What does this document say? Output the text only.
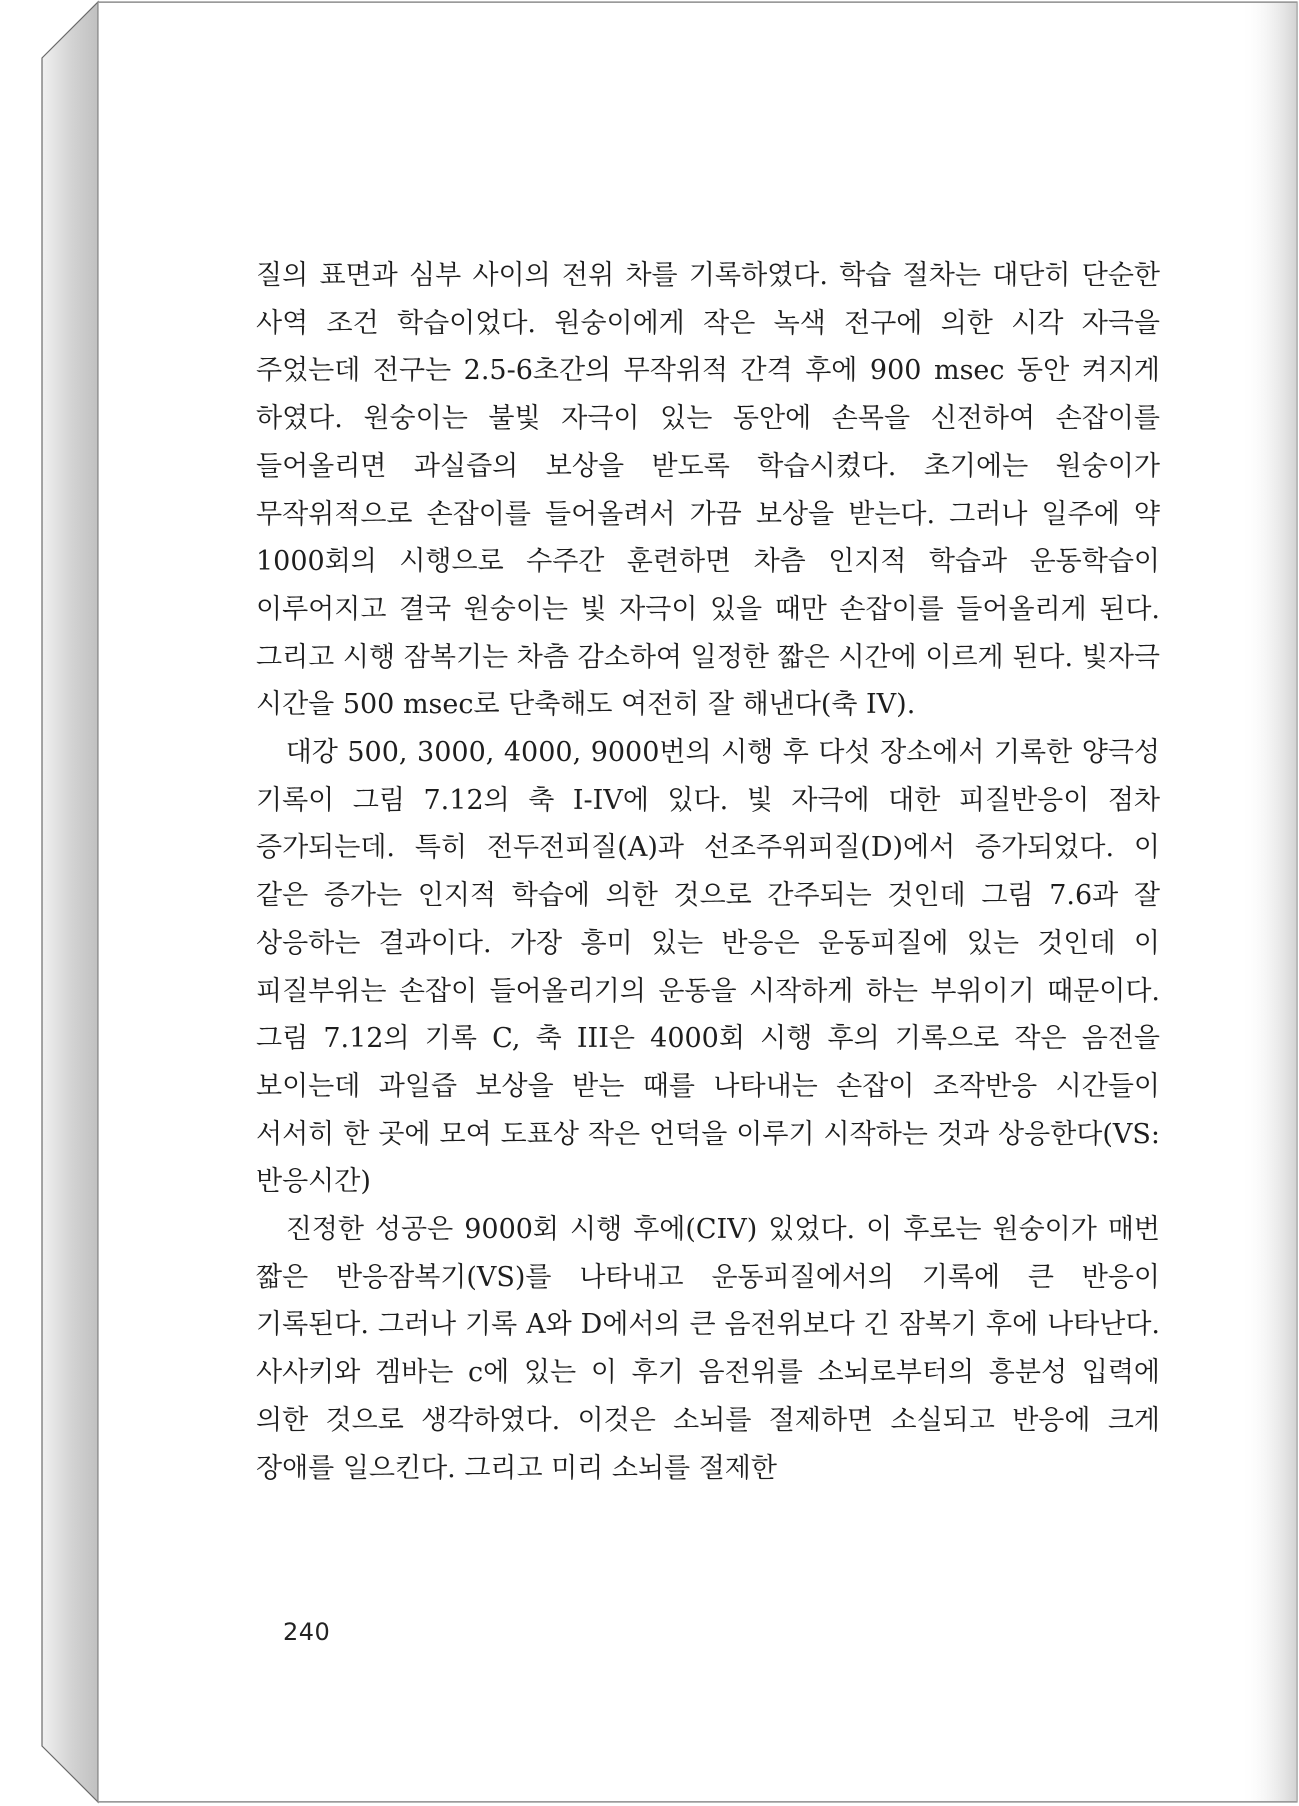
질의 표면과 심부 사이의 전위 차를 기록하였다. 학습 절차는 대단히 단순한 사역 조건 학습이었다. 원숭이에게 작은 녹색 전구에 의한 시각 자극을 주었는데 전구는 2.5-6초간의 무작위적 간격 후에 900 msec 동안 켜지게 하였다. 원숭이는 불빛 자극이 있는 동안에 손목을 신전하여 손잡이를 들어올리면 과실즙의 보상을 받도록 학습시켰다. 초기에는 원숭이가 무작위적으로 손잡이를 들어올려서 가끔 보상을 받는다. 그러나 일주에 약 1000회의 시행으로 수주간 훈련하면 차츰 인지적 학습과 운동학습이 이루어지고 결국 원숭이는 빛 자극이 있을 때만 손잡이를 들어올리게 된다. 그리고 시행 잠복기는 차츰 감소하여 일정한 짧은 시간에 이르게 된다. 빛자극 시간을 500 msec로 단축해도 여전히 잘 해낸다(축 IV).

대강 500, 3000, 4000, 9000번의 시행 후 다섯 장소에서 기록한 양극성 기록이 그림 7.12의 축 I-IV에 있다. 빛 자극에 대한 피질반응이 점차 증가되는데. 특히 전두전피질(A)과 선조주위피질(D)에서 증가되었다. 이 같은 증가는 인지적 학습에 의한 것으로 간주되는 것인데 그림 7.6과 잘 상응하는 결과이다. 가장 흥미 있는 반응은 운동피질에 있는 것인데 이 피질부위는 손잡이 들어올리기의 운동을 시작하게 하는 부위이기 때문이다. 그림 7.12의 기록 C, 축 III은 4000회 시행 후의 기록으로 작은 음전을 보이는데 과일즙 보상을 받는 때를 나타내는 손잡이 조작반응 시간들이 서서히 한 곳에 모여 도표상 작은 언덕을 이루기 시작하는 것과 상응한다(VS:반응시간)

진정한 성공은 9000회 시행 후에(CIV) 있었다. 이 후로는 원숭이가 매번 짧은 반응잠복기(VS)를 나타내고 운동피질에서의 기록에 큰 반응이 기록된다. 그러나 기록 A와 D에서의 큰 음전위보다 긴 잠복기 후에 나타난다. 사사키와 겜바는 c에 있는 이 후기 음전위를 소뇌로부터의 흥분성 입력에 의한 것으로 생각하였다. 이것은 소뇌를 절제하면 소실되고 반응에 크게 장애를 일으킨다. 그리고 미리 소뇌를 절제한

240
